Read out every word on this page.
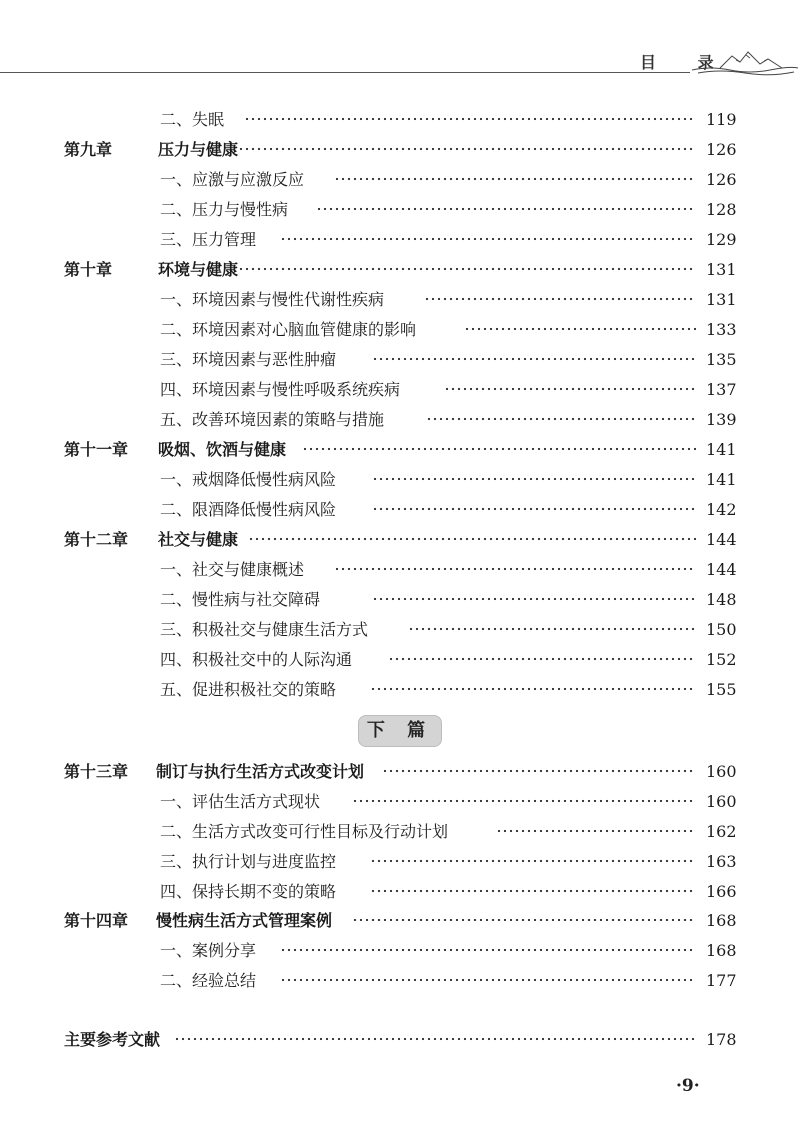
目 录
二、失眠	119
第九章	压力与健康	126
一、应激与应激反应	126
二、压力与慢性病	128
三、压力管理	129
第十章	环境与健康	131
一、环境因素与慢性代谢性疾病	131
二、环境因素对心脑血管健康的影响	133
三、环境因素与恶性肿瘤	135
四、环境因素与慢性呼吸系统疾病	137
五、改善环境因素的策略与措施	139
第十一章 吸烟、饮酒与健康	141
一、戒烟降低慢性病风险	141
二、限酒降低慢性病风险	142
第十二章 社交与健康	144
一、社交与健康概述	144
二、慢性病与社交障碍	148
三、积极社交与健康生活方式	150
四、积极社交中的人际沟通	152
五、促进积极社交的策略	155
下 篇
第十三章 制订与执行生活方式改变计划	160
一、评估生活方式现状	160
二、生活方式改变可行性目标及行动计划	162
三、执行计划与进度监控	163
四、保持长期不变的策略	166
第十四章 慢性病生活方式管理案例	168
一、案例分享	168
二、经验总结	177
主要参考文献	178
·9·
